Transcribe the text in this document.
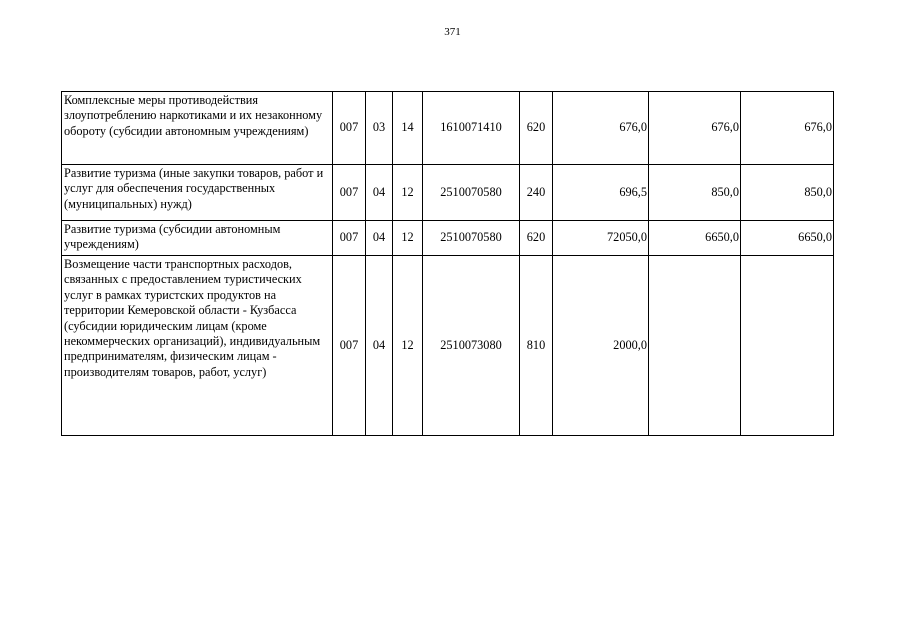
371
Комплексные меры противодействия злоупотреблению наркотиками и их незаконному обороту (субсидии автономным учреждениям)	007	03	14	1610071410	620	676,0	676,0	676,0
Развитие туризма (иные закупки товаров, работ и услуг для обеспечения государственных (муниципальных) нужд)	007	04	12	2510070580	240	696,5	850,0	850,0
Развитие туризма (субсидии автономным учреждениям)	007	04	12	2510070580	620	72050,0	6650,0	6650,0
Возмещение части транспортных расходов, связанных с предоставлением туристических услуг в рамках туристских продуктов на территории Кемеровской области - Кузбасса (субсидии юридическим лицам (кроме некоммерческих организаций), индивидуальным предпринимателям, физическим лицам - производителям товаров, работ, услуг)	007	04	12	2510073080	810	2000,0		
